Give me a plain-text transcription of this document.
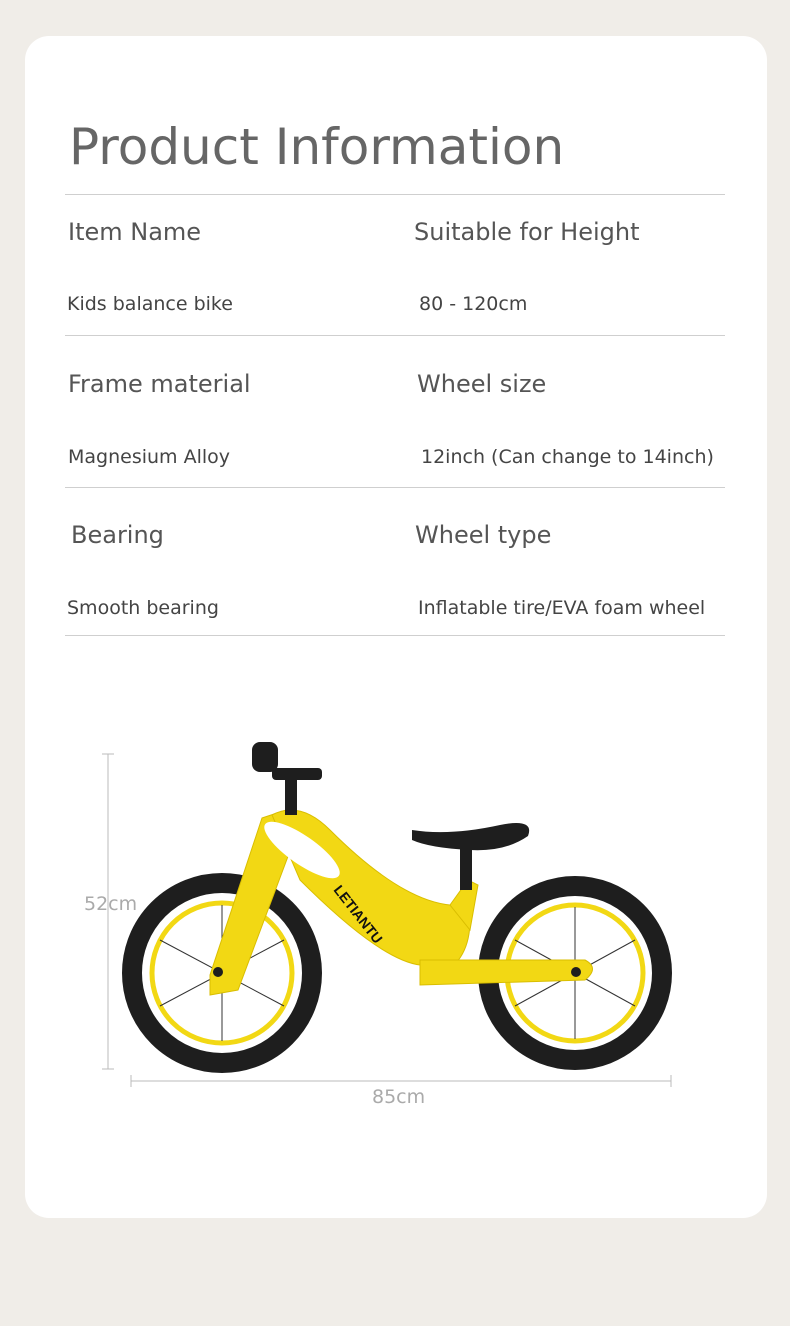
Product Information
Item Name	Suitable for Height
Kids balance bike	80 - 120cm
Frame material	Wheel size
Magnesium Alloy	12inch (Can change to 14inch)
Bearing	Wheel type
Smooth bearing	Inflatable tire/EVA foam wheel
LETIANTU
52cm
85cm
